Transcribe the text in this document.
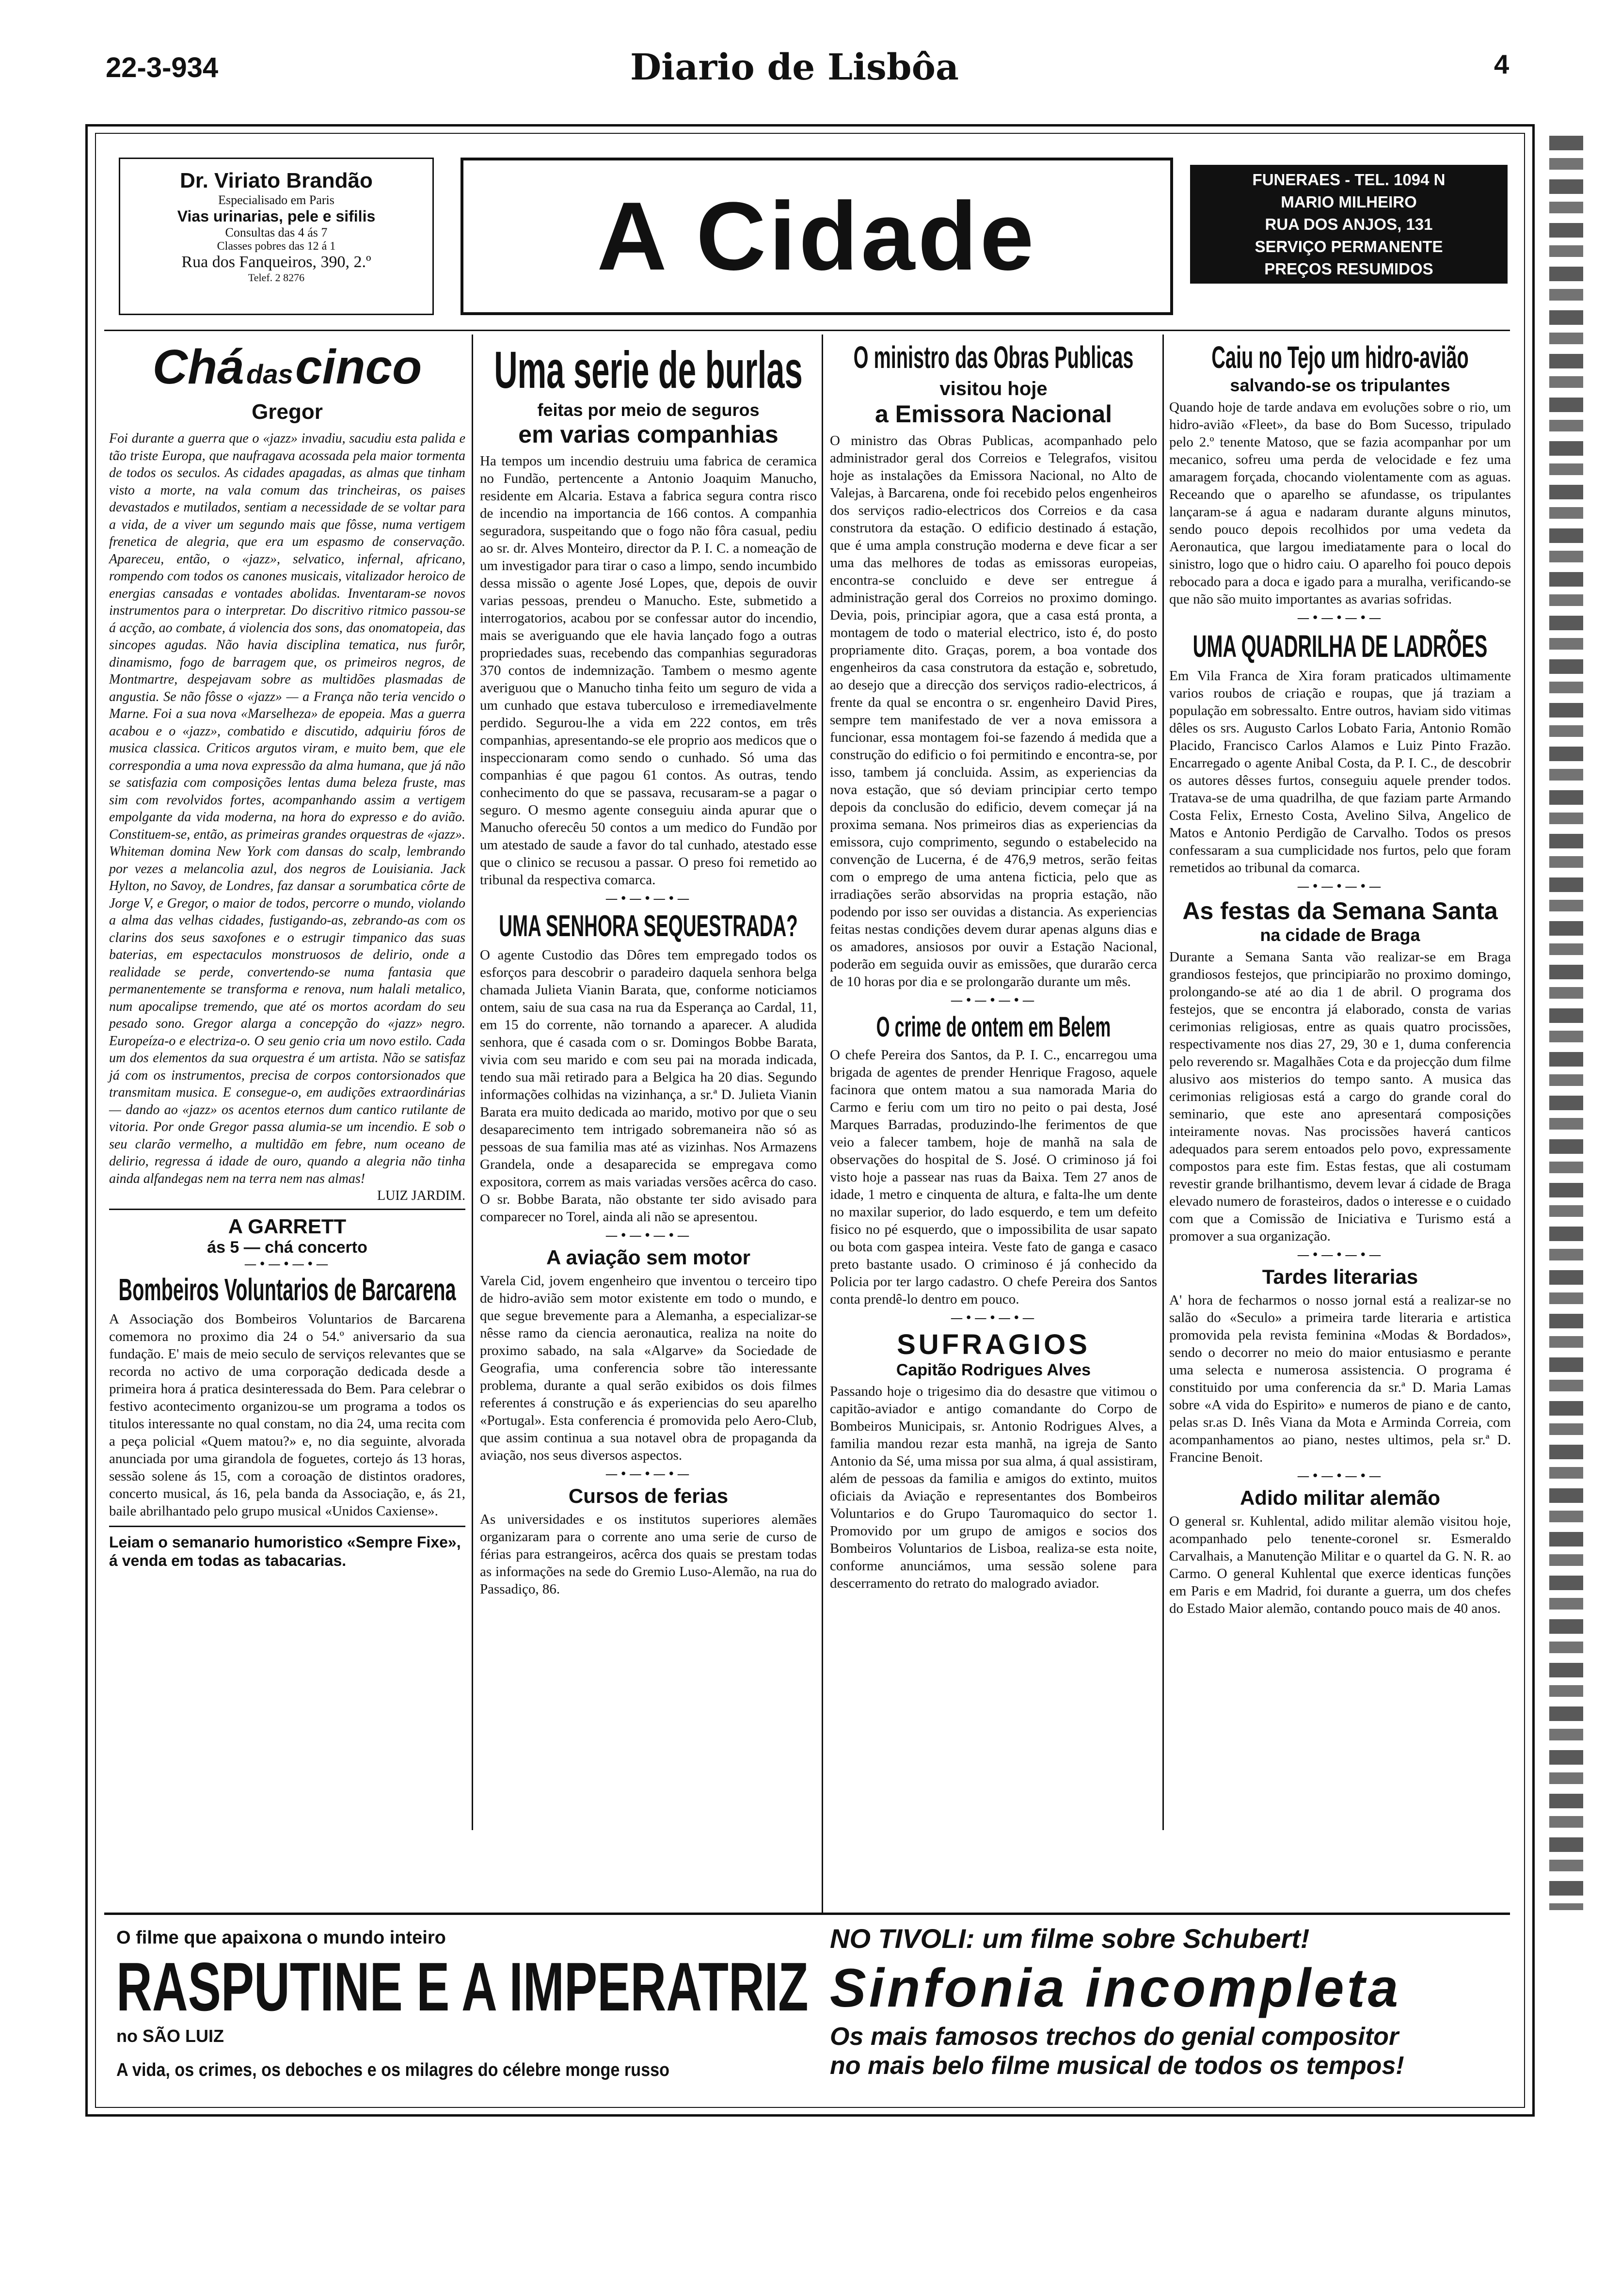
22-3-934	Diario de Lisbôa	4
Dr. Viriato Brandão
Especialisado em Paris
Vias urinarias, pele e sifilis
Consultas das 4 ás 7
Classes pobres das 12 á 1
Rua dos Fanqueiros, 390, 2.º
Telef. 2 8276	A Cidade
FUNERAES - TEL. 1094 N
MARIO MILHEIRO
RUA DOS ANJOS, 131
SERVIÇO PERMANENTE
PREÇOS RESUMIDOS
Chá das cinco
Gregor
Foi durante a guerra que o «jazz» invadiu, sacudiu esta palida e tão triste Europa, que naufragava acossada pela maior tormenta de todos os seculos. As cidades apagadas, as almas que tinham visto a morte, na vala comum das trincheiras, os paises devastados e mutilados, sentiam a necessidade de se voltar para a vida, de a viver um segundo mais que fôsse, numa vertigem frenetica de alegria, que era um espasmo de conservação. Apareceu, então, o «jazz», selvatico, infernal, africano, rompendo com todos os canones musicais, vitalizador heroico de energias cansadas e vontades abolidas. Inventaram-se novos instrumentos para o interpretar. Do discritivo ritmico passou-se á acção, ao combate, á violencia dos sons, das onomatopeia, das sincopes agudas. Não havia disciplina tematica, nus furôr, dinamismo, fogo de barragem que, os primeiros negros, de Montmartre, despejavam sobre as multidões plasmadas de angustia. Se não fôsse o «jazz» — a França não teria vencido o Marne. Foi a sua nova «Marselheza» de epopeia. Mas a guerra acabou e o «jazz», combatido e discutido, adquiriu fóros de musica classica. Criticos argutos viram, e muito bem, que ele correspondia a uma nova expressão da alma humana, que já não se satisfazia com composições lentas duma beleza fruste, mas sim com revolvidos fortes, acompanhando assim a vertigem empolgante da vida moderna, na hora do expresso e do avião. Constituem-se, então, as primeiras grandes orquestras de «jazz». Whiteman domina New York com dansas do scalp, lembrando por vezes a melancolia azul, dos negros de Louisiania. Jack Hylton, no Savoy, de Londres, faz dansar a sorumbatica côrte de Jorge V, e Gregor, o maior de todos, percorre o mundo, violando a alma das velhas cidades, fustigando-as, zebrando-as com os clarins dos seus saxofones e o estrugir timpanico das suas baterias, em espectaculos monstruosos de delirio, onde a realidade se perde, convertendo-se numa fantasia que permanentemente se transforma e renova, num halali metalico, num apocalipse tremendo, que até os mortos acordam do seu pesado sono. Gregor alarga a concepção do «jazz» negro. Europeíza-o e electriza-o. O seu genio cria um novo estilo. Cada um dos elementos da sua orquestra é um artista. Não se satisfaz já com os instrumentos, precisa de corpos contorsionados que transmitam musica. E consegue-o, em audições extraordinárias — dando ao «jazz» os acentos eternos dum cantico rutilante de vitoria. Por onde Gregor passa alumia-se um incendio. E sob o seu clarão vermelho, a multidão em febre, num oceano de delirio, regressa á idade de ouro, quando a alegria não tinha ainda alfandegas nem na terra nem nas almas!
LUIZ JARDIM.
A GARRETT
ás 5 — chá concerto
—•—•—•—
Bombeiros Voluntarios de Barcarena
A Associação dos Bombeiros Voluntarios de Barcarena comemora no proximo dia 24 o 54.º aniversario da sua fundação. E' mais de meio seculo de serviços relevantes que se recorda no activo de uma corporação dedicada desde a primeira hora á pratica desinteressada do Bem. Para celebrar o festivo acontecimento organizou-se um programa a todos os titulos interessante no qual constam, no dia 24, uma recita com a peça policial «Quem matou?» e, no dia seguinte, alvorada anunciada por uma girandola de foguetes, cortejo ás 13 horas, sessão solene ás 15, com a coroação de distintos oradores, concerto musical, ás 16, pela banda da Associação, e, ás 21, baile abrilhantado pelo grupo musical «Unidos Caxiense».
Leiam o semanario humoristico «Sempre Fixe», á venda em todas as tabacarias.
Uma serie de burlas
feitas por meio de seguros
em varias companhias
Ha tempos um incendio destruiu uma fabrica de ceramica no Fundão, pertencente a Antonio Joaquim Manucho, residente em Alcaria. Estava a fabrica segura contra risco de incendio na importancia de 166 contos. A companhia seguradora, suspeitando que o fogo não fôra casual, pediu ao sr. dr. Alves Monteiro, director da P. I. C. a nomeação de um investigador para tirar o caso a limpo, sendo incumbido dessa missão o agente José Lopes, que, depois de ouvir varias pessoas, prendeu o Manucho. Este, submetido a interrogatorios, acabou por se confessar autor do incendio, mais se averiguando que ele havia lançado fogo a outras propriedades suas, recebendo das companhias seguradoras 370 contos de indemnização. Tambem o mesmo agente averiguou que o Manucho tinha feito um seguro de vida a um cunhado que estava tuberculoso e irremediavelmente perdido. Segurou-lhe a vida em 222 contos, em três companhias, apresentando-se ele proprio aos medicos que o inspeccionaram como sendo o cunhado. Só uma das companhias é que pagou 61 contos. As outras, tendo conhecimento do que se passava, recusaram-se a pagar o seguro. O mesmo agente conseguiu ainda apurar que o Manucho oferecêu 50 contos a um medico do Fundão por um atestado de saude a favor do tal cunhado, atestado esse que o clinico se recusou a passar. O preso foi remetido ao tribunal da respectiva comarca.
—•—•—•—
UMA SENHORA SEQUESTRADA?
O agente Custodio das Dôres tem empregado todos os esforços para descobrir o paradeiro daquela senhora belga chamada Julieta Vianin Barata, que, conforme noticiamos ontem, saiu de sua casa na rua da Esperança ao Cardal, 11, em 15 do corrente, não tornando a aparecer. A aludida senhora, que é casada com o sr. Domingos Bobbe Barata, vivia com seu marido e com seu pai na morada indicada, tendo sua mãi retirado para a Belgica ha 20 dias. Segundo informações colhidas na vizinhança, a sr.ª D. Julieta Vianin Barata era muito dedicada ao marido, motivo por que o seu desaparecimento tem intrigado sobremaneira não só as pessoas de sua familia mas até as vizinhas. Nos Armazens Grandela, onde a desaparecida se empregava como expositora, correm as mais variadas versões acêrca do caso. O sr. Bobbe Barata, não obstante ter sido avisado para comparecer no Torel, ainda ali não se apresentou.
—•—•—•—
A aviação sem motor
Varela Cid, jovem engenheiro que inventou o terceiro tipo de hidro-avião sem motor existente em todo o mundo, e que segue brevemente para a Alemanha, a especializar-se nêsse ramo da ciencia aeronautica, realiza na noite do proximo sabado, na sala «Algarve» da Sociedade de Geografia, uma conferencia sobre tão interessante problema, durante a qual serão exibidos os dois filmes referentes á construção e ás experiencias do seu aparelho «Portugal». Esta conferencia é promovida pelo Aero-Club, que assim continua a sua notavel obra de propaganda da aviação, nos seus diversos aspectos.
—•—•—•—
Cursos de ferias
As universidades e os institutos superiores alemães organizaram para o corrente ano uma serie de curso de férias para estrangeiros, acêrca dos quais se prestam todas as informações na sede do Gremio Luso-Alemão, na rua do Passadiço, 86.
O ministro das Obras Publicas
visitou hoje
a Emissora Nacional
O ministro das Obras Publicas, acompanhado pelo administrador geral dos Correios e Telegrafos, visitou hoje as instalações da Emissora Nacional, no Alto de Valejas, à Barcarena, onde foi recebido pelos engenheiros dos serviços radio-electricos dos Correios e da casa construtora da estação. O edificio destinado á estação, que é uma ampla construção moderna e deve ficar a ser uma das melhores de todas as emissoras europeias, encontra-se concluido e deve ser entregue á administração geral dos Correios no proximo domingo. Devia, pois, principiar agora, que a casa está pronta, a montagem de todo o material electrico, isto é, do posto propriamente dito. Graças, porem, a boa vontade dos engenheiros da casa construtora da estação e, sobretudo, ao desejo que a direcção dos serviços radio-electricos, á frente da qual se encontra o sr. engenheiro David Pires, sempre tem manifestado de ver a nova emissora a funcionar, essa montagem foi-se fazendo á medida que a construção do edificio o foi permitindo e encontra-se, por isso, tambem já concluida. Assim, as experiencias da nova estação, que só deviam principiar certo tempo depois da conclusão do edificio, devem começar já na proxima semana. Nos primeiros dias as experiencias da emissora, cujo comprimento, segundo o estabelecido na convenção de Lucerna, é de 476,9 metros, serão feitas com o emprego de uma antena ficticia, pelo que as irradiações serão absorvidas na propria estação, não podendo por isso ser ouvidas a distancia. As experiencias feitas nestas condições devem durar apenas alguns dias e os amadores, ansiosos por ouvir a Estação Nacional, poderão em seguida ouvir as emissões, que durarão cerca de 10 horas por dia e se prolongarão durante um mês.
—•—•—•—
O crime de ontem em Belem
O chefe Pereira dos Santos, da P. I. C., encarregou uma brigada de agentes de prender Henrique Fragoso, aquele facinora que ontem matou a sua namorada Maria do Carmo e feriu com um tiro no peito o pai desta, José Marques Barradas, produzindo-lhe ferimentos de que veio a falecer tambem, hoje de manhã na sala de observações do hospital de S. José. O criminoso já foi visto hoje a passear nas ruas da Baixa. Tem 27 anos de idade, 1 metro e cinquenta de altura, e falta-lhe um dente no maxilar superior, do lado esquerdo, e tem um defeito fisico no pé esquerdo, que o impossibilita de usar sapato ou bota com gaspea inteira. Veste fato de ganga e casaco preto bastante usado. O criminoso é já conhecido da Policia por ter largo cadastro. O chefe Pereira dos Santos conta prendê-lo dentro em pouco.
—•—•—•—
SUFRAGIOS
Capitão Rodrigues Alves
Passando hoje o trigesimo dia do desastre que vitimou o capitão-aviador e antigo comandante do Corpo de Bombeiros Municipais, sr. Antonio Rodrigues Alves, a familia mandou rezar esta manhã, na igreja de Santo Antonio da Sé, uma missa por sua alma, á qual assistiram, além de pessoas da familia e amigos do extinto, muitos oficiais da Aviação e representantes dos Bombeiros Voluntarios e do Grupo Tauromaquico do sector 1. Promovido por um grupo de amigos e socios dos Bombeiros Voluntarios de Lisboa, realiza-se esta noite, conforme anunciámos, uma sessão solene para descerramento do retrato do malogrado aviador.
Caiu no Tejo um hidro-avião
salvando-se os tripulantes
Quando hoje de tarde andava em evoluções sobre o rio, um hidro-avião «Fleet», da base do Bom Sucesso, tripulado pelo 2.º tenente Matoso, que se fazia acompanhar por um mecanico, sofreu uma perda de velocidade e fez uma amaragem forçada, chocando violentamente com as aguas. Receando que o aparelho se afundasse, os tripulantes lançaram-se á agua e nadaram durante alguns minutos, sendo pouco depois recolhidos por uma vedeta da Aeronautica, que largou imediatamente para o local do sinistro, logo que o hidro caiu. O aparelho foi pouco depois rebocado para a doca e igado para a muralha, verificando-se que não são muito importantes as avarias sofridas.
—•—•—•—
UMA QUADRILHA DE LADRÕES
Em Vila Franca de Xira foram praticados ultimamente varios roubos de criação e roupas, que já traziam a população em sobressalto. Entre outros, haviam sido vitimas dêles os srs. Augusto Carlos Lobato Faria, Antonio Romão Placido, Francisco Carlos Alamos e Luiz Pinto Frazão. Encarregado o agente Anibal Costa, da P. I. C., de descobrir os autores dêsses furtos, conseguiu aquele prender todos. Tratava-se de uma quadrilha, de que faziam parte Armando Costa Felix, Ernesto Costa, Avelino Silva, Angelico de Matos e Antonio Perdigão de Carvalho. Todos os presos confessaram a sua cumplicidade nos furtos, pelo que foram remetidos ao tribunal da comarca.
—•—•—•—
As festas da Semana Santa
na cidade de Braga
Durante a Semana Santa vão realizar-se em Braga grandiosos festejos, que principiarão no proximo domingo, prolongando-se até ao dia 1 de abril. O programa dos festejos, que se encontra já elaborado, consta de varias cerimonias religiosas, entre as quais quatro procissões, respectivamente nos dias 27, 29, 30 e 1, duma conferencia pelo reverendo sr. Magalhães Cota e da projecção dum filme alusivo aos misterios do tempo santo. A musica das cerimonias religiosas está a cargo do grande coral do seminario, que este ano apresentará composições inteiramente novas. Nas procissões haverá canticos adequados para serem entoados pelo povo, expressamente compostos para este fim. Estas festas, que ali costumam revestir grande brilhantismo, devem levar á cidade de Braga elevado numero de forasteiros, dados o interesse e o cuidado com que a Comissão de Iniciativa e Turismo está a promover a sua organização.
—•—•—•—
Tardes literarias
A' hora de fecharmos o nosso jornal está a realizar-se no salão do «Seculo» a primeira tarde literaria e artistica promovida pela revista feminina «Modas & Bordados», sendo o decorrer no meio do maior entusiasmo e perante uma selecta e numerosa assistencia. O programa é constituido por uma conferencia da sr.ª D. Maria Lamas sobre «A vida do Espirito» e numeros de piano e de canto, pelas sr.as D. Inês Viana da Mota e Arminda Correia, com acompanhamentos ao piano, nestes ultimos, pela sr.ª D. Francine Benoit.
—•—•—•—
Adido militar alemão
O general sr. Kuhlental, adido militar alemão visitou hoje, acompanhado pelo tenente-coronel sr. Esmeraldo Carvalhais, a Manutenção Militar e o quartel da G. N. R. ao Carmo. O general Kuhlental que exerce identicas funções em Paris e em Madrid, foi durante a guerra, um dos chefes do Estado Maior alemão, contando pouco mais de 40 anos.
O filme que apaixona o mundo inteiro
RASPUTINE E A IMPERATRIZ
no SÃO LUIZ
A vida, os crimes, os deboches e os milagres do célebre monge russo
NO TIVOLI: um filme sobre Schubert!
Sinfonia incompleta
Os mais famosos trechos do genial compositor
no mais belo filme musical de todos os tempos!
